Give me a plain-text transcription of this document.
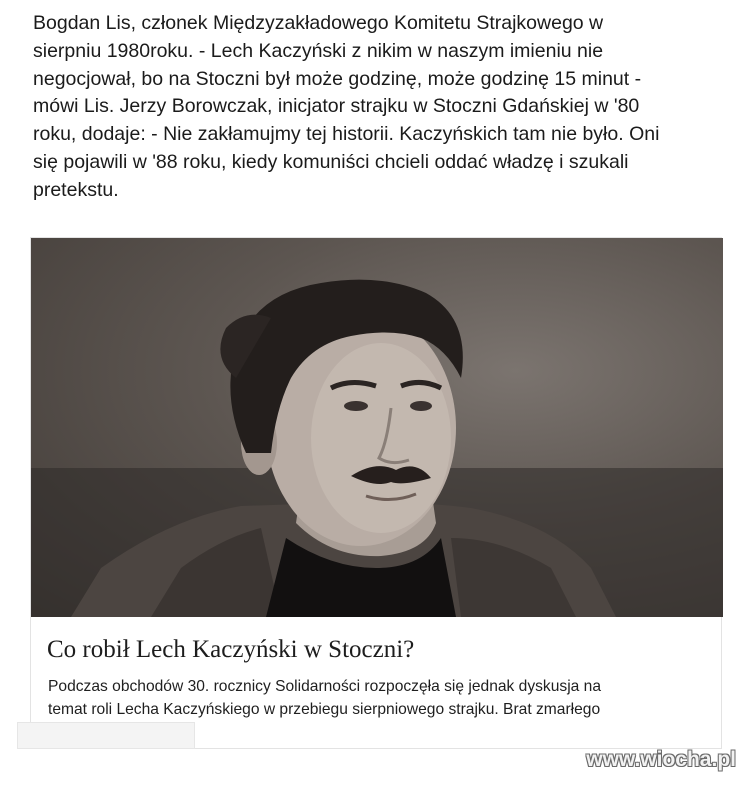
Bogdan Lis, członek Międzyzakładowego Komitetu Strajkowego w
sierpniu 1980roku. - Lech Kaczyński z nikim w naszym imieniu nie
negocjował, bo na Stoczni był może godzinę, może godzinę 15 minut -
mówi Lis. Jerzy Borowczak, inicjator strajku w Stoczni Gdańskiej w '80
roku, dodaje: - Nie zakłamujmy tej historii. Kaczyńskich tam nie było. Oni
się pojawili w '88 roku, kiedy komuniści chcieli oddać władzę i szukali
pretekstu.

Co robił Lech Kaczyński w Stoczni?

Podczas obchodów 30. rocznicy Solidarności rozpoczęła się jednak dyskusja na
temat roli Lecha Kaczyńskiego w przebiegu sierpniowego strajku. Brat zmarłego

www.wiocha.pl
